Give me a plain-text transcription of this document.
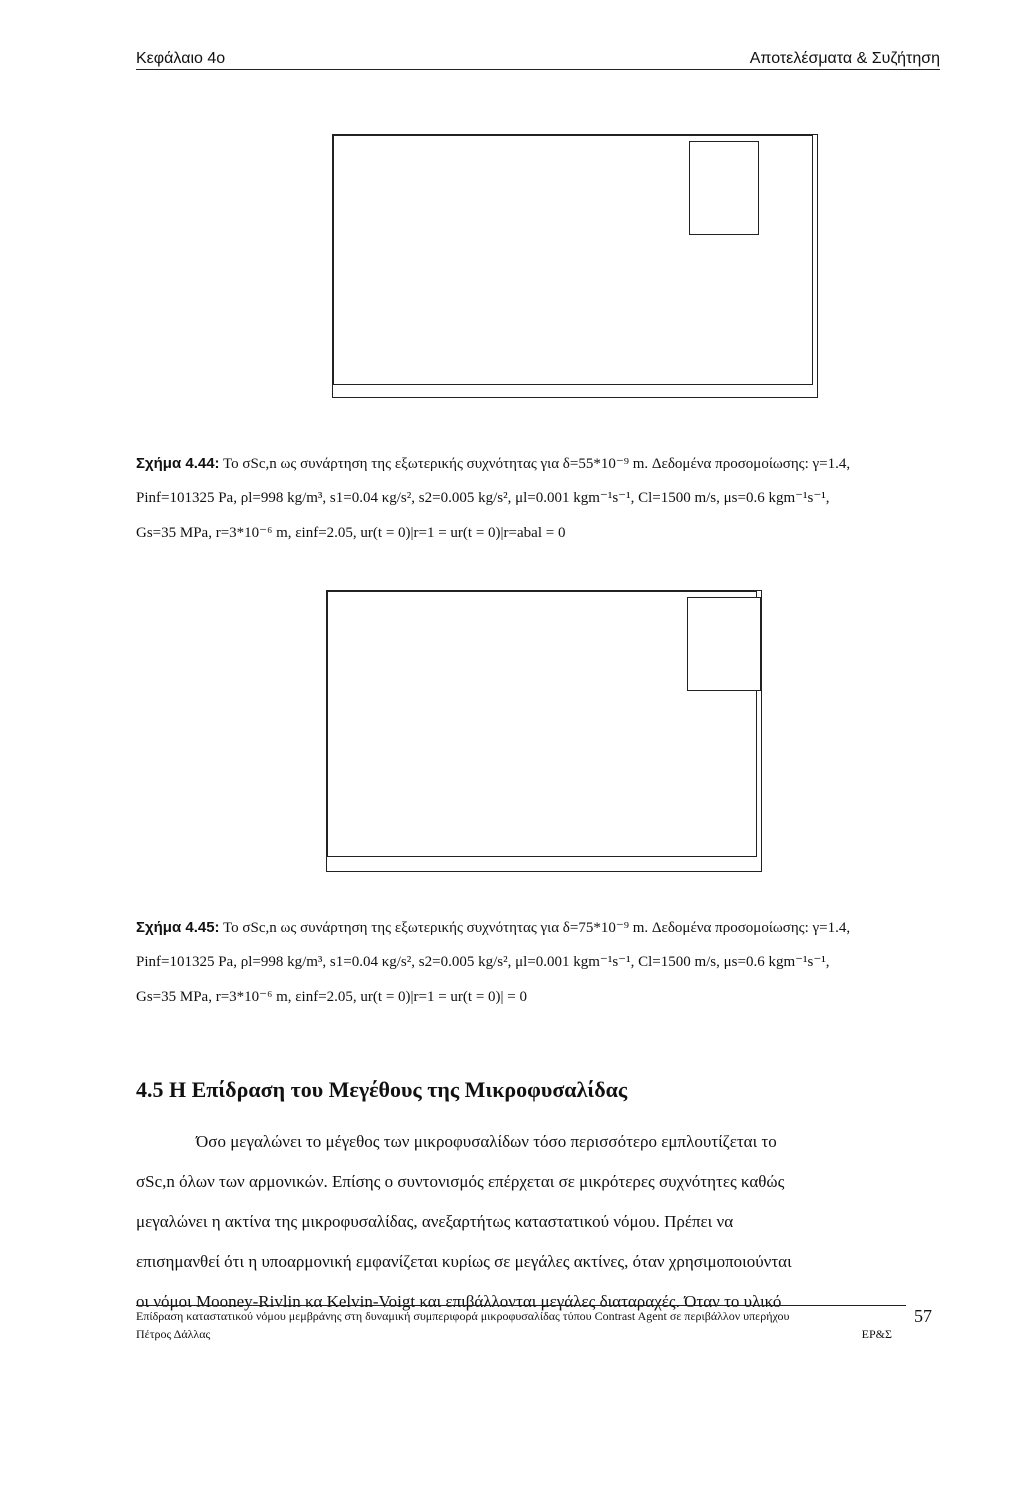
Κεφάλαιο 4ο	Αποτελέσματα & Συζήτηση
Σχήμα 4.44: Το σSc,n ως συνάρτηση της εξωτερικής συχνότητας για δ=55*10⁻⁹ m. Δεδομένα προσομοίωσης: γ=1.4,
Pinf=101325 Pa, ρl=998 kg/m³, s1=0.04 κg/s², s2=0.005 kg/s², μl=0.001 kgm⁻¹s⁻¹, Cl=1500 m/s, μs=0.6 kgm⁻¹s⁻¹,
Gs=35 MPa, r=3*10⁻⁶ m, εinf=2.05, ur(t = 0)|r=1 = ur(t = 0)|r=abal = 0
Σχήμα 4.45: Το σSc,n ως συνάρτηση της εξωτερικής συχνότητας για δ=75*10⁻⁹ m. Δεδομένα προσομοίωσης: γ=1.4,
Pinf=101325 Pa, ρl=998 kg/m³, s1=0.04 κg/s², s2=0.005 kg/s², μl=0.001 kgm⁻¹s⁻¹, Cl=1500 m/s, μs=0.6 kgm⁻¹s⁻¹,
Gs=35 MPa, r=3*10⁻⁶ m, εinf=2.05, ur(t = 0)|r=1 = ur(t = 0)| = 0
4.5 Η Επίδραση του Μεγέθους της Μικροφυσαλίδας
Όσο μεγαλώνει το μέγεθος των μικροφυσαλίδων τόσο περισσότερο εμπλουτίζεται το
σSc,n όλων των αρμονικών. Επίσης ο συντονισμός επέρχεται σε μικρότερες συχνότητες καθώς
μεγαλώνει η ακτίνα της μικροφυσαλίδας, ανεξαρτήτως καταστατικού νόμου. Πρέπει να
επισημανθεί ότι η υποαρμονική εμφανίζεται κυρίως σε μεγάλες ακτίνες, όταν χρησιμοποιούνται
οι νόμοι Mooney-Rivlin κα Kelvin-Voigt και επιβάλλονται μεγάλες διαταραχές. Όταν το υλικό
Επίδραση καταστατικού νόμου μεμβράνης στη δυναμική συμπεριφορά μικροφυσαλίδας τύπου Contrast Agent σε περιβάλλον υπερήχου
Πέτρος Δάλλας	ΕΡ&Σ
57
